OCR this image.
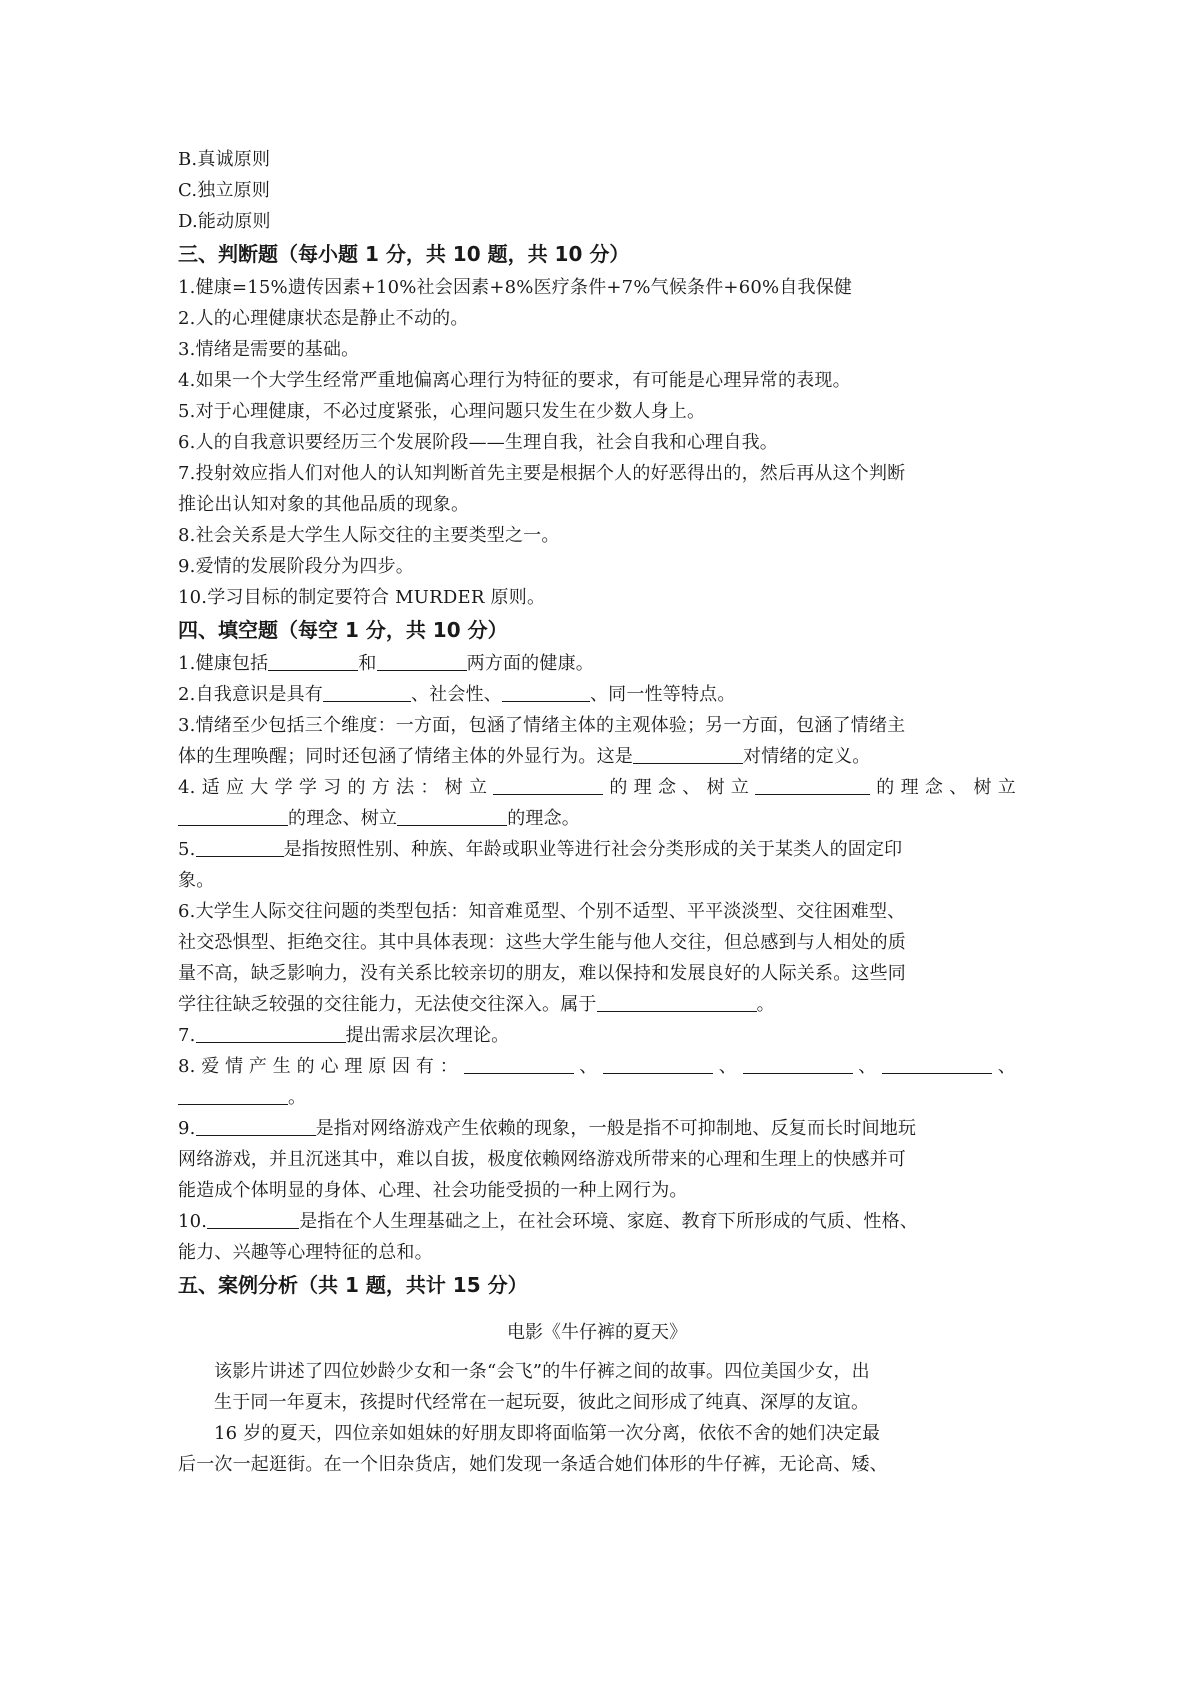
B.真诚原则
C.独立原则
D.能动原则
三、判断题（每小题 1 分，共 10 题，共 10 分）
1.健康=15%遗传因素+10%社会因素+8%医疗条件+7%气候条件+60%自我保健
2.人的心理健康状态是静止不动的。
3.情绪是需要的基础。
4.如果一个大学生经常严重地偏离心理行为特征的要求，有可能是心理异常的表现。
5.对于心理健康，不必过度紧张，心理问题只发生在少数人身上。
6.人的自我意识要经历三个发展阶段——生理自我，社会自我和心理自我。
7.投射效应指人们对他人的认知判断首先主要是根据个人的好恶得出的，然后再从这个判断
推论出认知对象的其他品质的现象。
8.社会关系是大学生人际交往的主要类型之一。
9.爱情的发展阶段分为四步。
10.学习目标的制定要符合 MURDER 原则。
四、填空题（每空 1 分，共 10 分）
1.健康包括	和	两方面的健康。
2.自我意识是具有	、社会性、	、同一性等特点。
3.情绪至少包括三个维度：一方面，包涵了情绪主体的主观体验；另一方面，包涵了情绪主
体的生理唤醒；同时还包涵了情绪主体的外显行为。这是	对情绪的定义。
4.适应大学学习的方法：树立	的理念、树立	的理念、树立
的理念、树立	的理念。
5.	是指按照性别、种族、年龄或职业等进行社会分类形成的关于某类人的固定印
象。
6.大学生人际交往问题的类型包括：知音难觅型、个别不适型、平平淡淡型、交往困难型、
社交恐惧型、拒绝交往。其中具体表现：这些大学生能与他人交往，但总感到与人相处的质
量不高，缺乏影响力，没有关系比较亲切的朋友，难以保持和发展良好的人际关系。这些同
学往往缺乏较强的交往能力，无法使交往深入。属于	。
7.	提出需求层次理论。
8.爱情产生的心理原因有：	、	、	、	、
。
9.	是指对网络游戏产生依赖的现象，一般是指不可抑制地、反复而长时间地玩
网络游戏，并且沉迷其中，难以自拔，极度依赖网络游戏所带来的心理和生理上的快感并可
能造成个体明显的身体、心理、社会功能受损的一种上网行为。
10.	是指在个人生理基础之上，在社会环境、家庭、教育下所形成的气质、性格、
能力、兴趣等心理特征的总和。
五、案例分析（共 1 题，共计 15 分）
电影《牛仔裤的夏天》
该影片讲述了四位妙龄少女和一条“会飞”的牛仔裤之间的故事。四位美国少女，出
生于同一年夏末，孩提时代经常在一起玩耍，彼此之间形成了纯真、深厚的友谊。
16 岁的夏天，四位亲如姐妹的好朋友即将面临第一次分离，依依不舍的她们决定最
后一次一起逛街。在一个旧杂货店，她们发现一条适合她们体形的牛仔裤，无论高、矮、
